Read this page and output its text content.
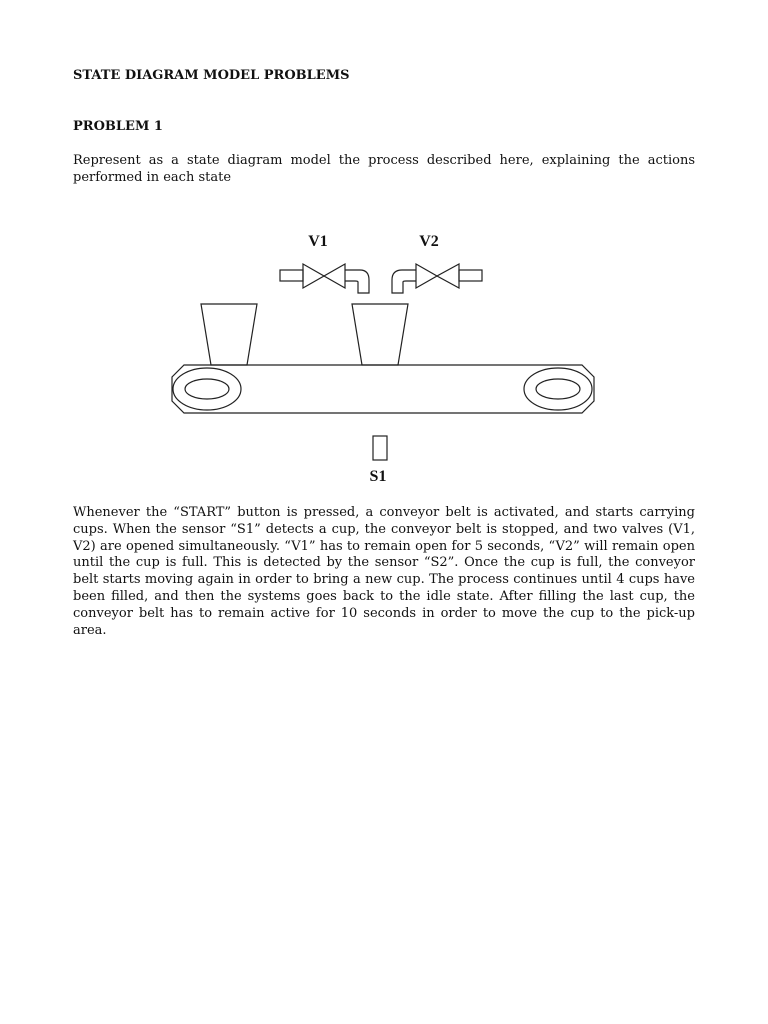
STATE DIAGRAM MODEL PROBLEMS
PROBLEM 1

Represent as a state diagram model the process described here, explaining the actions performed in each state

V1	V2
S1

Whenever the “START” button is pressed, a conveyor belt is activated, and starts carrying cups. When the sensor “S1” detects a cup, the conveyor belt is stopped, and two valves (V1, V2) are opened simultaneously. “V1” has to remain open for 5 seconds, “V2” will remain open until the cup is full. This is detected by the sensor “S2”. Once the cup is full, the conveyor belt starts moving again in order to bring a new cup. The process continues until 4 cups have been filled, and then the systems goes back to the idle state. After filling the last cup, the conveyor belt has to remain active for 10 seconds in order to move the cup to the pick-up area.
